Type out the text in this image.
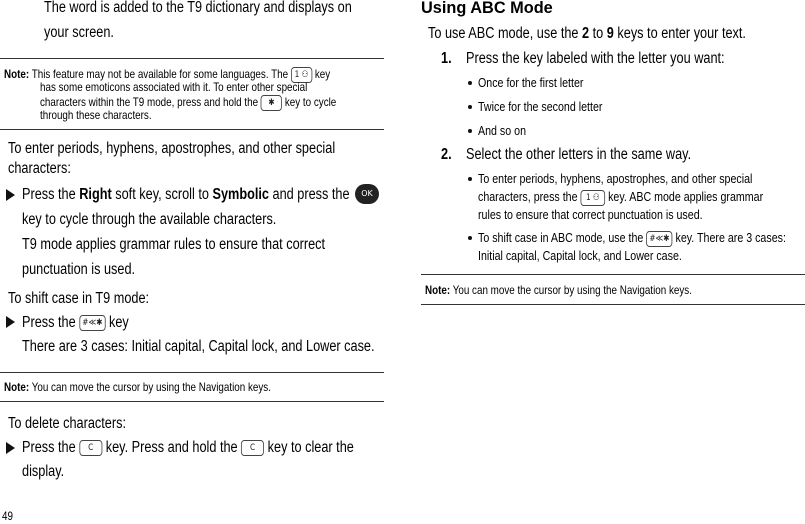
The word is added to the T9 dictionary and displays on
your screen.
Note: This feature may not be available for some languages. The 1 ⚇ key
has some emoticons associated with it. To enter other special
characters within the T9 mode, press and hold the ✱ key to cycle
through these characters.
To enter periods, hyphens, apostrophes, and other special
characters:
Press the Right soft key, scroll to Symbolic and press the	OK
key to cycle through the available characters.
T9 mode applies grammar rules to ensure that correct
punctuation is used.
To shift case in T9 mode:
Press the #≪✱ key
There are 3 cases: Initial capital, Capital lock, and Lower case.
Note: You can move the cursor by using the Navigation keys.
To delete characters:
Press the C key. Press and hold the C key to clear the
display.
49
Using ABC Mode
To use ABC mode, use the 2 to 9 keys to enter your text.
1. Press the key labeled with the letter you want:
Once for the first letter
Twice for the second letter
And so on
2. Select the other letters in the same way.
To enter periods, hyphens, apostrophes, and other special
characters, press the 1 ⚇ key. ABC mode applies grammar
rules to ensure that correct punctuation is used.
To shift case in ABC mode, use the #≪✱ key. There are 3 cases:
Initial capital, Capital lock, and Lower case.
Note: You can move the cursor by using the Navigation keys.
